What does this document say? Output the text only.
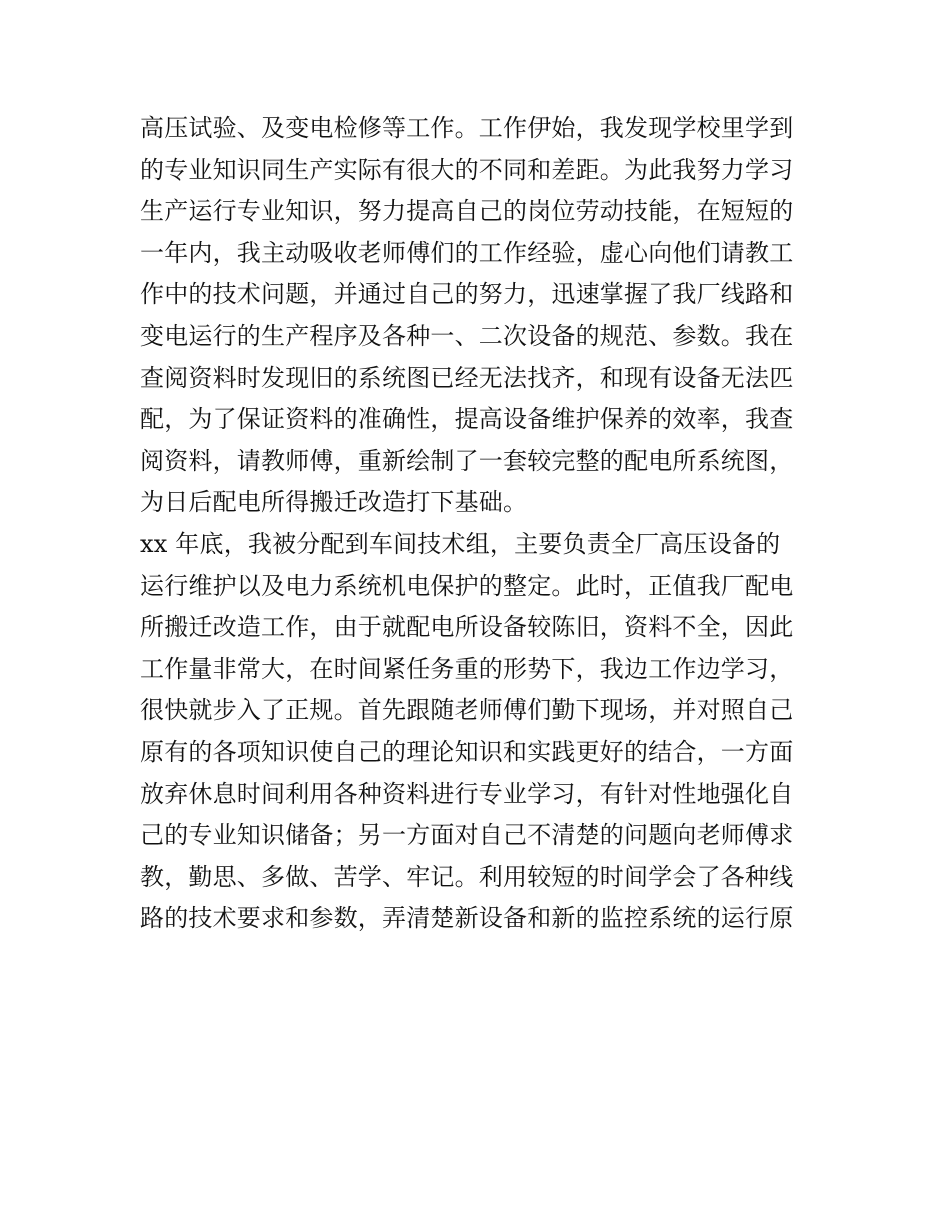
高压试验、及变电检修等工作。工作伊始，我发现学校里学到
的专业知识同生产实际有很大的不同和差距。为此我努力学习
生产运行专业知识，努力提高自己的岗位劳动技能，在短短的
一年内，我主动吸收老师傅们的工作经验，虚心向他们请教工
作中的技术问题，并通过自己的努力，迅速掌握了我厂线路和
变电运行的生产程序及各种一、二次设备的规范、参数。我在
查阅资料时发现旧的系统图已经无法找齐，和现有设备无法匹
配，为了保证资料的准确性，提高设备维护保养的效率，我查
阅资料，请教师傅，重新绘制了一套较完整的配电所系统图，
为日后配电所得搬迁改造打下基础。
xx 年底，我被分配到车间技术组，主要负责全厂高压设备的
运行维护以及电力系统机电保护的整定。此时，正值我厂配电
所搬迁改造工作，由于就配电所设备较陈旧，资料不全，因此
工作量非常大，在时间紧任务重的形势下，我边工作边学习，
很快就步入了正规。首先跟随老师傅们勤下现场，并对照自己
原有的各项知识使自己的理论知识和实践更好的结合，一方面
放弃休息时间利用各种资料进行专业学习，有针对性地强化自
己的专业知识储备；另一方面对自己不清楚的问题向老师傅求
教，勤思、多做、苦学、牢记。利用较短的时间学会了各种线
路的技术要求和参数，弄清楚新设备和新的监控系统的运行原
